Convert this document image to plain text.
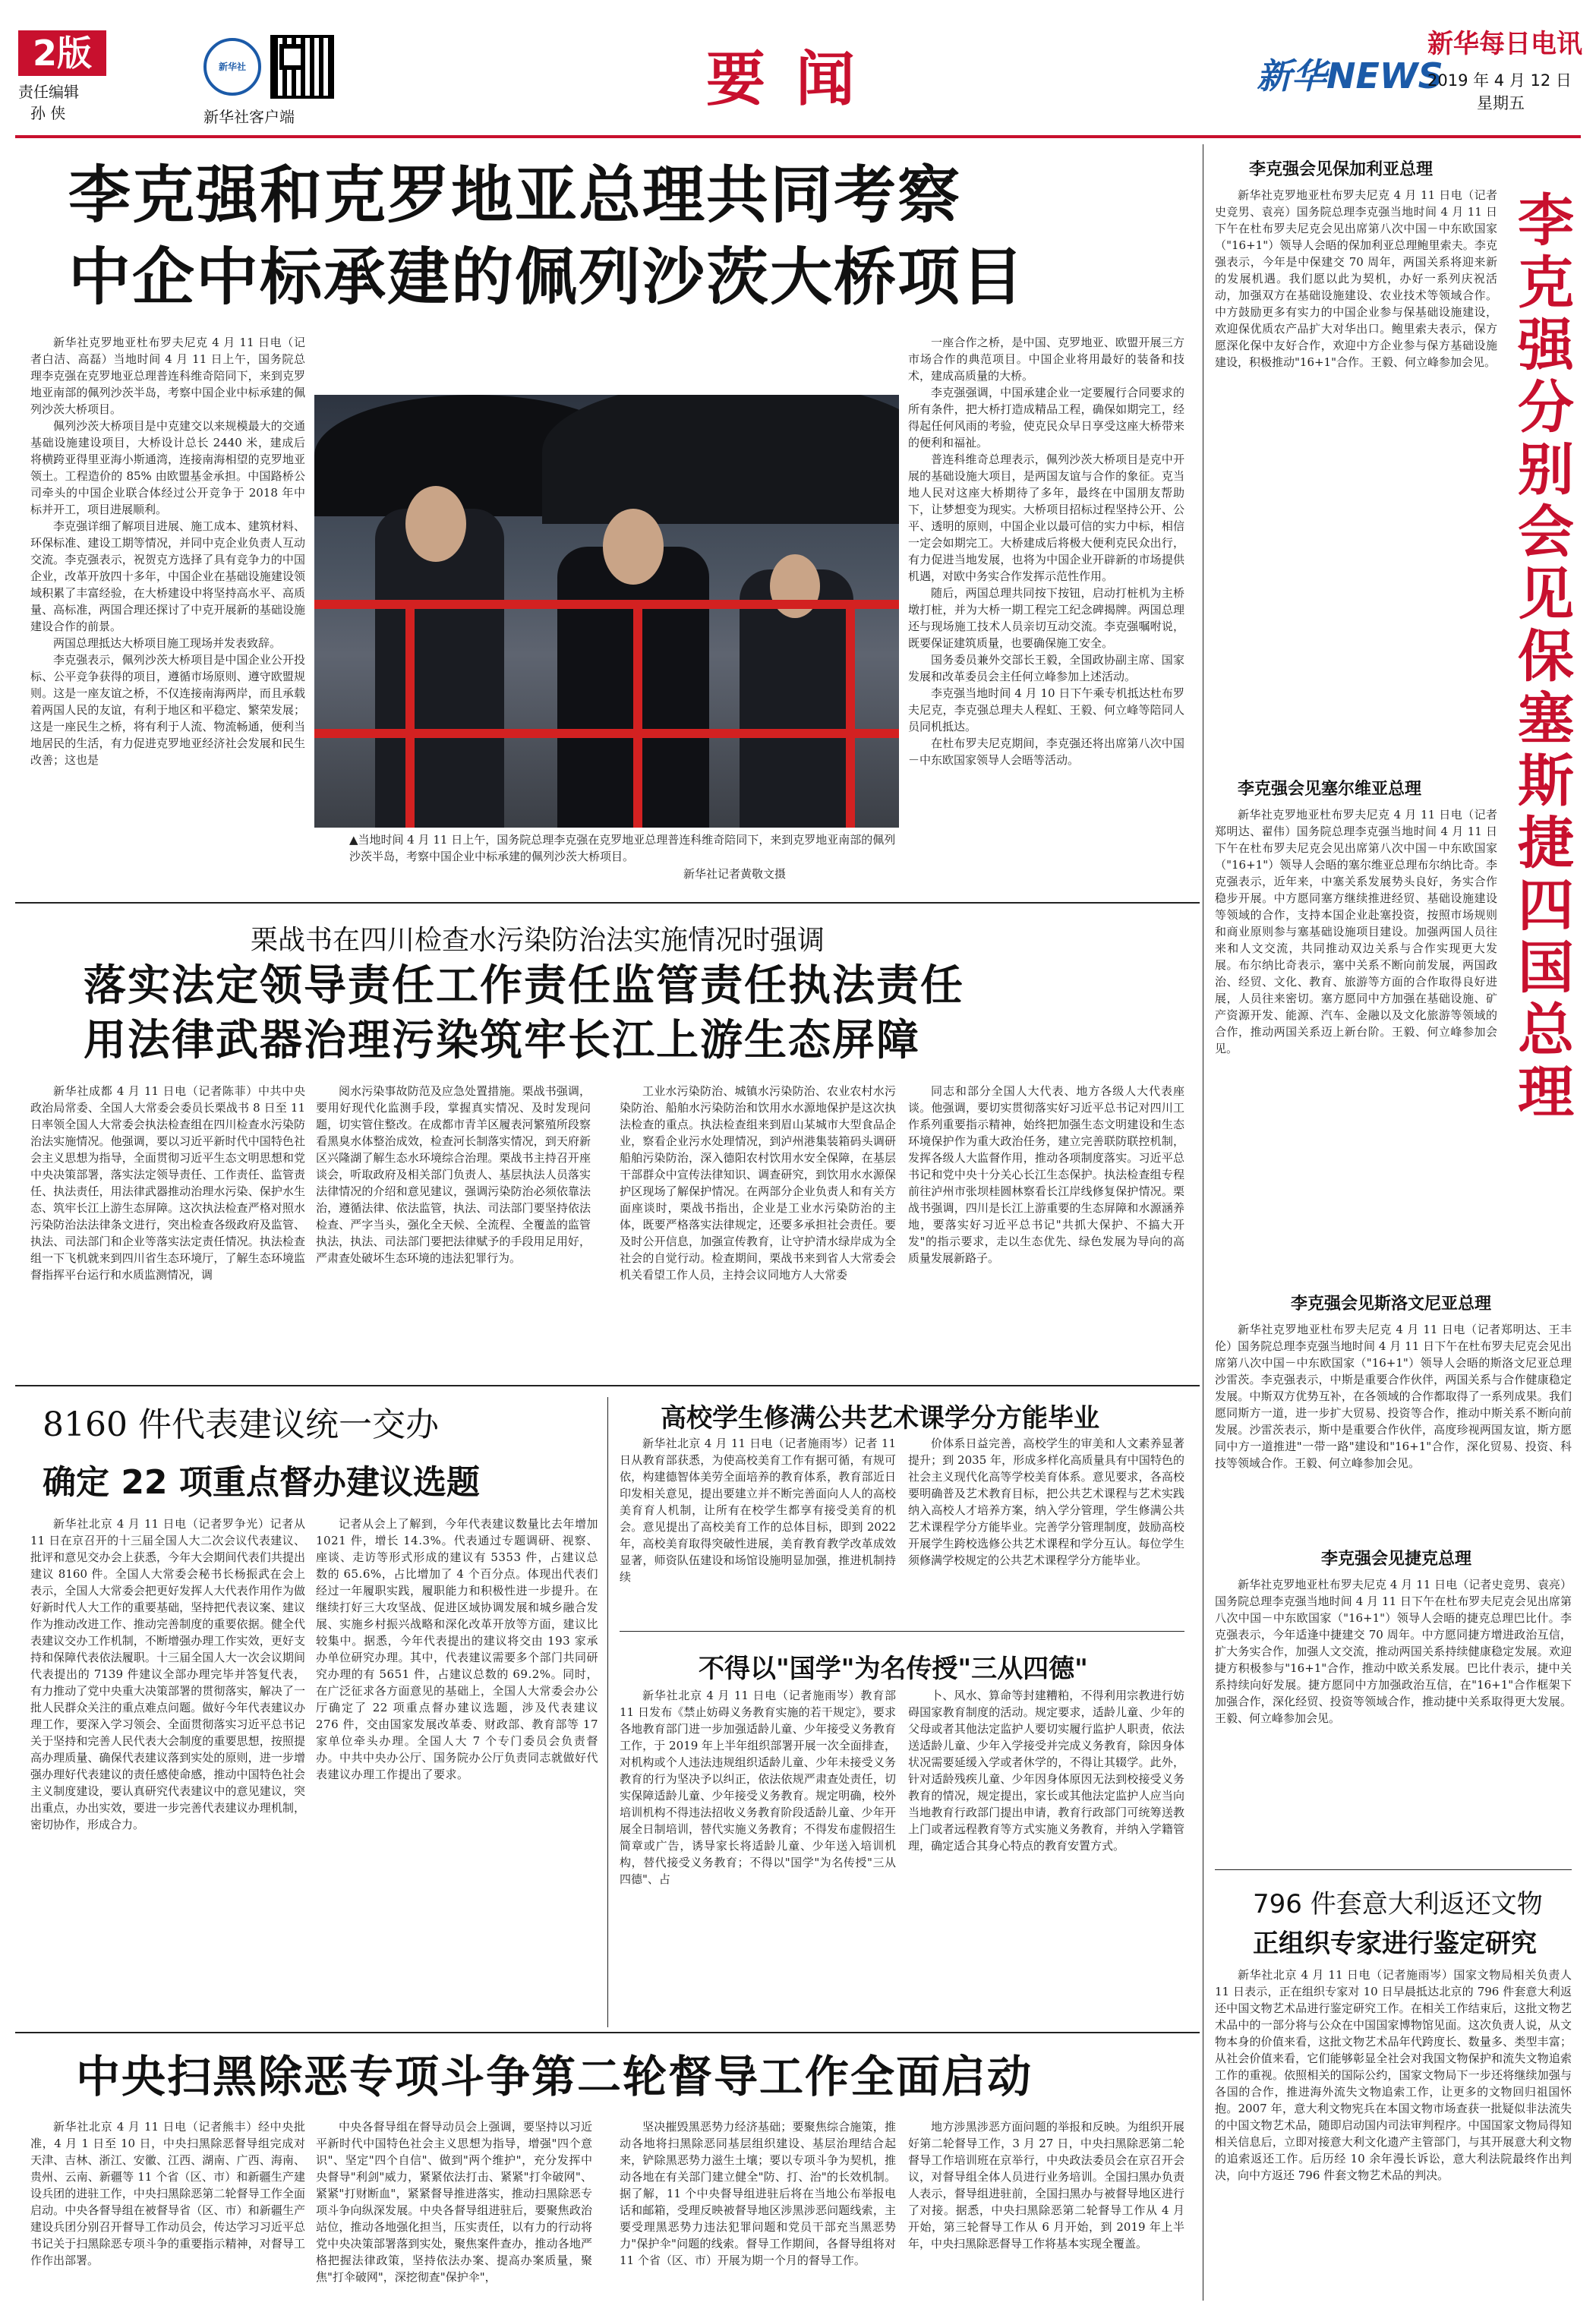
2版
责任编辑
孙 侠
新华社
新华社客户端
要闻	新华NEWS
新华每日电讯
2019 年 4 月 12 日
星期五
李克强和克罗地亚总理共同考察
中企中标承建的佩列沙茨大桥项目

新华社克罗地亚杜布罗夫尼克 4 月 11 日电（记者白洁、高磊）当地时间 4 月 11 日上午，国务院总理李克强在克罗地亚总理普连科维奇陪同下，来到克罗地亚南部的佩列沙茨半岛，考察中国企业中标承建的佩列沙茨大桥项目。

佩列沙茨大桥项目是中克建交以来规模最大的交通基础设施建设项目，大桥设计总长 2440 米，建成后将横跨亚得里亚海小斯通湾，连接南海相望的克罗地亚领土。工程造价的 85% 由欧盟基金承担。中国路桥公司牵头的中国企业联合体经过公开竞争于 2018 年中标并开工，项目进展顺利。

李克强详细了解项目进展、施工成本、建筑材料、环保标准、建设工期等情况，并同中克企业负责人互动交流。李克强表示，祝贺克方选择了具有竞争力的中国企业，改革开放四十多年，中国企业在基础设施建设领域积累了丰富经验，在大桥建设中将坚持高水平、高质量、高标准，两国合理还探讨了中克开展新的基础设施建设合作的前景。

两国总理抵达大桥项目施工现场并发表致辞。

李克强表示，佩列沙茨大桥项目是中国企业公开投标、公平竞争获得的项目，遵循市场原则、遵守欧盟规则。这是一座友谊之桥，不仅连接南海两岸，而且承载着两国人民的友谊，有利于地区和平稳定、繁荣发展；这是一座民生之桥，将有利于人流、物流畅通，便利当地居民的生活，有力促进克罗地亚经济社会发展和民生改善；这也是

▲当地时间 4 月 11 日上午，国务院总理李克强在克罗地亚总理普连科维奇陪同下，来到克罗地亚南部的佩列沙茨半岛，考察中国企业中标承建的佩列沙茨大桥项目。
新华社记者黄敬文摄

一座合作之桥，是中国、克罗地亚、欧盟开展三方市场合作的典范项目。中国企业将用最好的装备和技术，建成高质量的大桥。

李克强强调，中国承建企业一定要履行合同要求的所有条件，把大桥打造成精品工程，确保如期完工，经得起任何风雨的考验，使克民众早日享受这座大桥带来的便利和福祉。

普连科维奇总理表示，佩列沙茨大桥项目是克中开展的基础设施大项目，是两国友谊与合作的象征。克当地人民对这座大桥期待了多年，最终在中国朋友帮助下，让梦想变为现实。大桥项目招标过程坚持公开、公平、透明的原则，中国企业以最可信的实力中标，相信一定会如期完工。大桥建成后将极大便利克民众出行，有力促进当地发展，也将为中国企业开辟新的市场提供机遇，对欧中务实合作发挥示范性作用。

随后，两国总理共同按下按钮，启动打桩机为主桥墩打桩，并为大桥一期工程完工纪念碑揭牌。两国总理还与现场施工技术人员亲切互动交流。李克强嘱咐说，既要保证建筑质量，也要确保施工安全。

国务委员兼外交部长王毅，全国政协副主席、国家发展和改革委员会主任何立峰参加上述活动。

李克强当地时间 4 月 10 日下午乘专机抵达杜布罗夫尼克，李克强总理夫人程虹、王毅、何立峰等陪同人员同机抵达。

在杜布罗夫尼克期间，李克强还将出席第八次中国－中东欧国家领导人会晤等活动。

栗战书在四川检查水污染防治法实施情况时强调
落实法定领导责任工作责任监管责任执法责任
用法律武器治理污染筑牢长江上游生态屏障
新华社成都 4 月 11 日电（记者陈菲）中共中央政治局常委、全国人大常委会委员长栗战书 8 日至 11 日率领全国人大常委会执法检查组在四川检查水污染防治法实施情况。他强调，要以习近平新时代中国特色社会主义思想为指导，全面贯彻习近平生态文明思想和党中央决策部署，落实法定领导责任、工作责任、监管责任、执法责任，用法律武器推动治理水污染、保护水生态、筑牢长江上游生态屏障。这次执法检查严格对照水污染防治法法律条文进行，突出检查各级政府及监管、执法、司法部门和企业等落实法定责任情况。执法检查组一下飞机就来到四川省生态环境厅，了解生态环境监督指挥平台运行和水质监测情况，调
阅水污染事故防范及应急处置措施。栗战书强调，要用好现代化监测手段，掌握真实情况、及时发现问题，切实管住整改。在成都市青羊区履表河繁殖所段察看黑臭水体整治成效，检查河长制落实情况，到天府新区兴隆湖了解生态水环境综合治理。栗战书主持召开座谈会，听取政府及相关部门负责人、基层执法人员落实法律情况的介绍和意见建议，强调污染防治必须依靠法治，遵循法律、依法监管，执法、司法部门要坚持依法检查、严字当头，强化全天候、全流程、全覆盖的监管执法，执法、司法部门要把法律赋予的手段用足用好，严肃查处破坏生态环境的违法犯罪行为。
工业水污染防治、城镇水污染防治、农业农村水污染防治、船舶水污染防治和饮用水水源地保护是这次执法检查的重点。执法检查组来到眉山某城市大型食品企业，察看企业污水处理情况，到泸州港集装箱码头调研船舶污染防治，深入德阳农村饮用水安全保障，在基层干部群众中宣传法律知识、调查研究，到饮用水水源保护区现场了解保护情况。在两部分企业负责人和有关方面座谈时，栗战书指出，企业是工业水污染防治的主体，既要严格落实法律规定，还要多承担社会责任。要及时公开信息，加强宣传教育，让守护清水绿岸成为全社会的自觉行动。检查期间，栗战书来到省人大常委会机关看望工作人员，主持会议同地方人大常委
同志和部分全国人大代表、地方各级人大代表座谈。他强调，要切实贯彻落实好习近平总书记对四川工作系列重要指示精神，始终把加强生态文明建设和生态环境保护作为重大政治任务，建立完善联防联控机制，发挥各级人大监督作用，推动各项制度落实。习近平总书记和党中央十分关心长江生态保护。执法检查组专程前往泸州市张坝桂圆林察看长江岸线修复保护情况。栗战书强调，四川是长江上游重要的生态屏障和水源涵养地，要落实好习近平总书记"共抓大保护、不搞大开发"的指示要求，走以生态优先、绿色发展为导向的高质量发展新路子。
8160 件代表建议统一交办
确定 22 项重点督办建议选题
新华社北京 4 月 11 日电（记者罗争光）记者从 11 日在京召开的十三届全国人大二次会议代表建议、批评和意见交办会上获悉，今年大会期间代表们共提出建议 8160 件。全国人大常委会秘书长杨振武在会上表示，全国人大常委会把更好发挥人大代表作用作为做好新时代人大工作的重要基础，坚持把代表议案、建议作为推动改进工作、推动完善制度的重要依据。健全代表建议交办工作机制，不断增强办理工作实效，更好支持和保障代表依法履职。十三届全国人大一次会议期间代表提出的 7139 件建议全部办理完毕并答复代表，有力推动了党中央重大决策部署的贯彻落实，解决了一批人民群众关注的重点难点问题。做好今年代表建议办理工作，要深入学习领会、全面贯彻落实习近平总书记关于坚持和完善人民代表大会制度的重要思想，按照提高办理质量、确保代表建议落到实处的原则，进一步增强办理好代表建议的责任感使命感，推动中国特色社会主义制度建设，要认真研究代表建议中的意见建议，突出重点，办出实效，要进一步完善代表建议办理机制，密切协作，形成合力。
记者从会上了解到，今年代表建议数量比去年增加 1021 件，增长 14.3%。代表通过专题调研、视察、座谈、走访等形式形成的建议有 5353 件，占建议总数的 65.6%，占比增加了 4 个百分点。体现出代表们经过一年履职实践，履职能力和积极性进一步提升。在继续打好三大攻坚战、促进区域协调发展和城乡融合发展、实施乡村振兴战略和深化改革开放等方面，建议比较集中。据悉，今年代表提出的建议将交由 193 家承办单位研究办理。其中，代表建议需要多个部门共同研究办理的有 5651 件，占建议总数的 69.2%。同时，在广泛征求各方面意见的基础上，全国人大常委会办公厅确定了 22 项重点督办建议选题，涉及代表建议 276 件，交由国家发展改革委、财政部、教育部等 17 家单位牵头办理。全国人大 7 个专门委员会负责督办。中共中央办公厅、国务院办公厅负责同志就做好代表建议办理工作提出了要求。
高校学生修满公共艺术课学分方能毕业
新华社北京 4 月 11 日电（记者施雨岑）记者 11 日从教育部获悉，为使高校美育工作有据可循，有规可依，构建德智体美劳全面培养的教育体系，教育部近日印发相关意见，提出要建立并不断完善面向人人的高校美育育人机制，让所有在校学生都享有接受美育的机会。意见提出了高校美育工作的总体目标，即到 2022 年，高校美育取得突破性进展，美育教育教学改革成效显著，师资队伍建设和场馆设施明显加强，推进机制持续
价体系日益完善，高校学生的审美和人文素养显著提升；到 2035 年，形成多样化高质量具有中国特色的社会主义现代化高等学校美育体系。意见要求，各高校要明确普及艺术教育目标，把公共艺术课程与艺术实践纳入高校人才培养方案，纳入学分管理，学生修满公共艺术课程学分方能毕业。完善学分管理制度，鼓励高校开展学生跨校选修公共艺术课程和学分互认。每位学生须修满学校规定的公共艺术课程学分方能毕业。
不得以"国学"为名传授"三从四德"
新华社北京 4 月 11 日电（记者施雨岑）教育部 11 日发布《禁止妨碍义务教育实施的若干规定》，要求各地教育部门进一步加强适龄儿童、少年接受义务教育工作，于 2019 年上半年组织部署开展一次全面排查，对机构或个人违法违规组织适龄儿童、少年未接受义务教育的行为坚决予以纠正，依法依规严肃查处责任，切实保障适龄儿童、少年接受义务教育。规定明确，校外培训机构不得违法招收义务教育阶段适龄儿童、少年开展全日制培训，替代实施义务教育；不得发布虚假招生简章或广告，诱导家长将适龄儿童、少年送入培训机构，替代接受义务教育；不得以"国学"为名传授"三从四德"、占
卜、风水、算命等封建糟粕，不得利用宗教进行妨碍国家教育制度的活动。规定要求，适龄儿童、少年的父母或者其他法定监护人要切实履行监护人职责，依法送适龄儿童、少年入学接受并完成义务教育，除因身体状况需要延缓入学或者休学的，不得让其辍学。此外，针对适龄残疾儿童、少年因身体原因无法到校接受义务教育的情况，规定提出，家长或其他法定监护人应当向当地教育行政部门提出申请，教育行政部门可统筹送教上门或者远程教育等方式实施义务教育，并纳入学籍管理，确定适合其身心特点的教育安置方式。
中央扫黑除恶专项斗争第二轮督导工作全面启动
新华社北京 4 月 11 日电（记者熊丰）经中央批准，4 月 1 日至 10 日，中央扫黑除恶督导组完成对天津、吉林、浙江、安徽、江西、湖南、广西、海南、贵州、云南、新疆等 11 个省（区、市）和新疆生产建设兵团的进驻工作，中央扫黑除恶第二轮督导工作全面启动。中央各督导组在被督导省（区、市）和新疆生产建设兵团分别召开督导工作动员会，传达学习习近平总书记关于扫黑除恶专项斗争的重要指示精神，对督导工作作出部署。
中央各督导组在督导动员会上强调，要坚持以习近平新时代中国特色社会主义思想为指导，增强"四个意识"、坚定"四个自信"、做到"两个维护"，充分发挥中央督导"利剑"威力，紧紧依法打击、紧紧"打伞破网"、紧紧"打财断血"，紧紧督导推进落实，推动扫黑除恶专项斗争向纵深发展。中央各督导组进驻后，要聚焦政治站位，推动各地强化担当，压实责任，以有力的行动将党中央决策部署落到实处，聚焦案件查办，推动各地严格把握法律政策，坚持依法办案、提高办案质量，聚焦"打伞破网"，深挖彻查"保护伞"，
坚决摧毁黑恶势力经济基础；要聚焦综合施策，推动各地将扫黑除恶同基层组织建设、基层治理结合起来，铲除黑恶势力滋生土壤；要以专项斗争为契机，推动各地在有关部门建立健全"防、打、治"的长效机制。据了解，11 个中央督导组进驻后将在当地公布举报电话和邮箱，受理反映被督导地区涉黑涉恶问题线索，主要受理黑恶势力违法犯罪问题和党员干部充当黑恶势力"保护伞"问题的线索。督导工作期间，各督导组将对 11 个省（区、市）开展为期一个月的督导工作。
地方涉黑涉恶方面问题的举报和反映。为组织开展好第二轮督导工作，3 月 27 日，中央扫黑除恶第二轮督导工作培训班在京举行，中央政法委员会在京召开会议，对督导组全体人员进行业务培训。全国扫黑办负责人表示，督导组进驻前，全国扫黑办与被督导地区进行了对接。据悉，中央扫黑除恶第二轮督导工作从 4 月开始，第三轮督导工作从 6 月开始，到 2019 年上半年，中央扫黑除恶督导工作将基本实现全覆盖。
李克强分别会见保塞斯捷四国总理
李克强会见保加利亚总理
新华社克罗地亚杜布罗夫尼克 4 月 11 日电（记者史竞男、袁亮）国务院总理李克强当地时间 4 月 11 日下午在杜布罗夫尼克会见出席第八次中国－中东欧国家（"16+1"）领导人会晤的保加利亚总理鲍里索夫。李克强表示，今年是中保建交 70 周年，两国关系将迎来新的发展机遇。我们愿以此为契机，办好一系列庆祝活动，加强双方在基础设施建设、农业技术等领域合作。中方鼓励更多有实力的中国企业参与保基础设施建设，欢迎保优质农产品扩大对华出口。鲍里索夫表示，保方愿深化保中友好合作，欢迎中方企业参与保方基础设施建设，积极推动"16+1"合作。王毅、何立峰参加会见。
李克强会见塞尔维亚总理
新华社克罗地亚杜布罗夫尼克 4 月 11 日电（记者郑明达、翟伟）国务院总理李克强当地时间 4 月 11 日下午在杜布罗夫尼克会见出席第八次中国－中东欧国家（"16+1"）领导人会晤的塞尔维亚总理布尔纳比奇。李克强表示，近年来，中塞关系发展势头良好，务实合作稳步开展。中方愿同塞方继续推进经贸、基础设施建设等领域的合作，支持本国企业赴塞投资，按照市场规则和商业原则参与塞基础设施项目建设。加强两国人员往来和人文交流，共同推动双边关系与合作实现更大发展。布尔纳比奇表示，塞中关系不断向前发展，两国政治、经贸、文化、教育、旅游等方面的合作取得良好进展，人员往来密切。塞方愿同中方加强在基础设施、矿产资源开发、能源、汽车、金融以及文化旅游等领域的合作，推动两国关系迈上新台阶。王毅、何立峰参加会见。
李克强会见斯洛文尼亚总理
新华社克罗地亚杜布罗夫尼克 4 月 11 日电（记者郑明达、王丰伦）国务院总理李克强当地时间 4 月 11 日下午在杜布罗夫尼克会见出席第八次中国－中东欧国家（"16+1"）领导人会晤的斯洛文尼亚总理沙雷茨。李克强表示，中斯是重要合作伙伴，两国关系与合作健康稳定发展。中斯双方优势互补，在各领域的合作都取得了一系列成果。我们愿同斯方一道，进一步扩大贸易、投资等合作，推动中斯关系不断向前发展。沙雷茨表示，斯中是重要合作伙伴，高度珍视两国友谊，斯方愿同中方一道推进"一带一路"建设和"16+1"合作，深化贸易、投资、科技等领域合作。王毅、何立峰参加会见。
李克强会见捷克总理
新华社克罗地亚杜布罗夫尼克 4 月 11 日电（记者史竞男、袁亮）国务院总理李克强当地时间 4 月 11 日下午在杜布罗夫尼克会见出席第八次中国－中东欧国家（"16+1"）领导人会晤的捷克总理巴比什。李克强表示，今年适逢中捷建交 70 周年。中方愿同捷方增进政治互信，扩大务实合作，加强人文交流，推动两国关系持续健康稳定发展。欢迎捷方积极参与"16+1"合作，推动中欧关系发展。巴比什表示，捷中关系持续向好发展。捷方愿同中方加强政治互信，在"16+1"合作框架下加强合作，深化经贸、投资等领域合作，推动捷中关系取得更大发展。王毅、何立峰参加会见。
796 件套意大利返还文物
正组织专家进行鉴定研究
新华社北京 4 月 11 日电（记者施雨岑）国家文物局相关负责人 11 日表示，正在组织专家对 10 日早晨抵达北京的 796 件套意大利返还中国文物艺术品进行鉴定研究工作。在相关工作结束后，这批文物艺术品中的一部分将与公众在中国国家博物馆见面。这次负责人说，从文物本身的价值来看，这批文物艺术品年代跨度长、数量多、类型丰富；从社会价值来看，它们能够彰显全社会对我国文物保护和流失文物追索工作的重视。依照相关的国际公约，国家文物局下一步还将继续加强与各国的合作，推进海外流失文物追索工作，让更多的文物回归祖国怀抱。2007 年，意大利文物宪兵在本国文物市场查获一批疑似非法流失的中国文物艺术品，随即启动国内司法审判程序。中国国家文物局得知相关信息后，立即对接意大利文化遗产主管部门，与其开展意大利文物的追索返还工作。后历经 10 余年漫长诉讼，意大利法院最终作出判决，向中方返还 796 件套文物艺术品的判决。
